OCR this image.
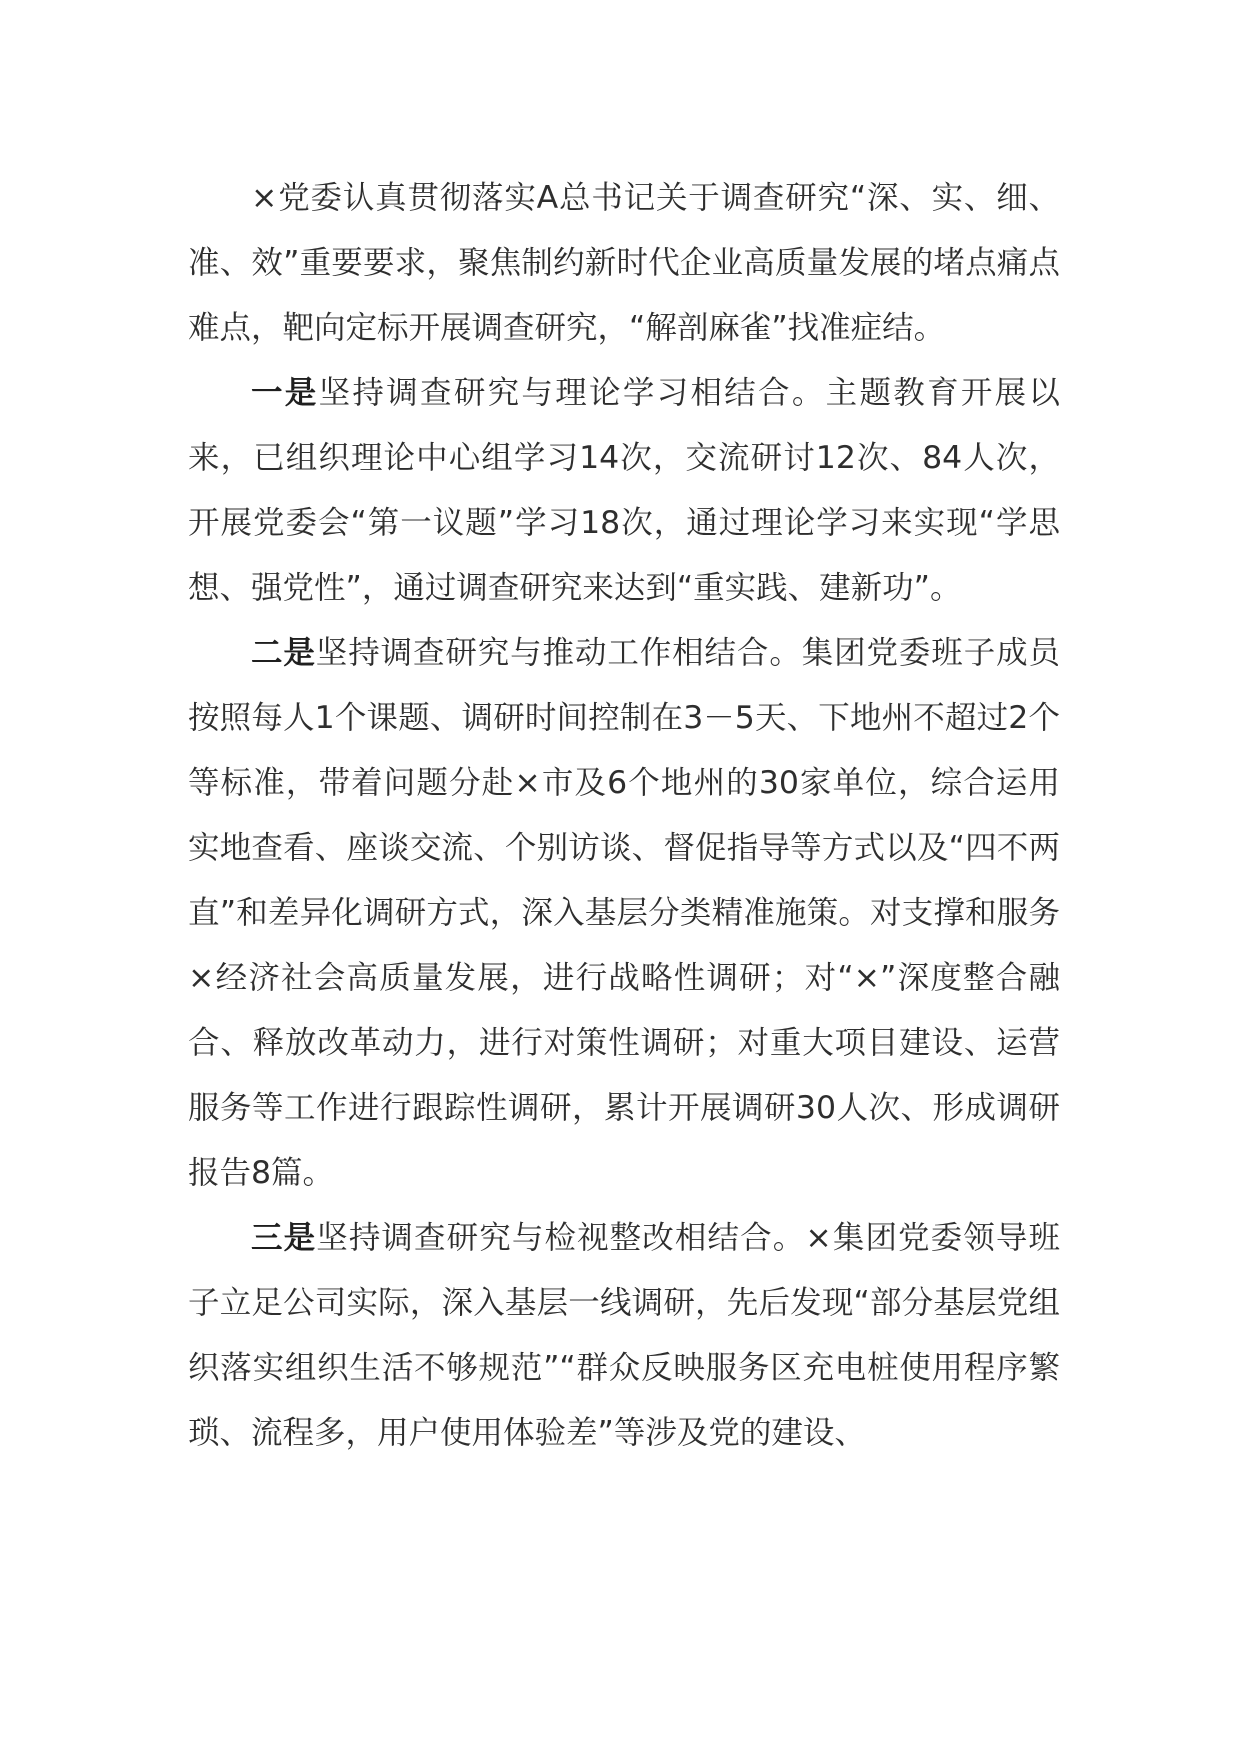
×党委认真贯彻落实A总书记关于调查研究“深、实、细、准、效”重要要求，聚焦制约新时代企业高质量发展的堵点痛点难点，靶向定标开展调查研究，“解剖麻雀”找准症结。

一是坚持调查研究与理论学习相结合。主题教育开展以来，已组织理论中心组学习14次，交流研讨12次、84人次，开展党委会“第一议题”学习18次，通过理论学习来实现“学思想、强党性”，通过调查研究来达到“重实践、建新功”。

二是坚持调查研究与推动工作相结合。集团党委班子成员按照每人1个课题、调研时间控制在3－5天、下地州不超过2个等标准，带着问题分赴×市及6个地州的30家单位，综合运用实地查看、座谈交流、个别访谈、督促指导等方式以及“四不两直”和差异化调研方式，深入基层分类精准施策。对支撑和服务×经济社会高质量发展，进行战略性调研；对“×”深度整合融合、释放改革动力，进行对策性调研；对重大项目建设、运营服务等工作进行跟踪性调研，累计开展调研30人次、形成调研报告8篇。

三是坚持调查研究与检视整改相结合。×集团党委领导班子立足公司实际，深入基层一线调研，先后发现“部分基层党组织落实组织生活不够规范”“群众反映服务区充电桩使用程序繁琐、流程多，用户使用体验差”等涉及党的建设、
